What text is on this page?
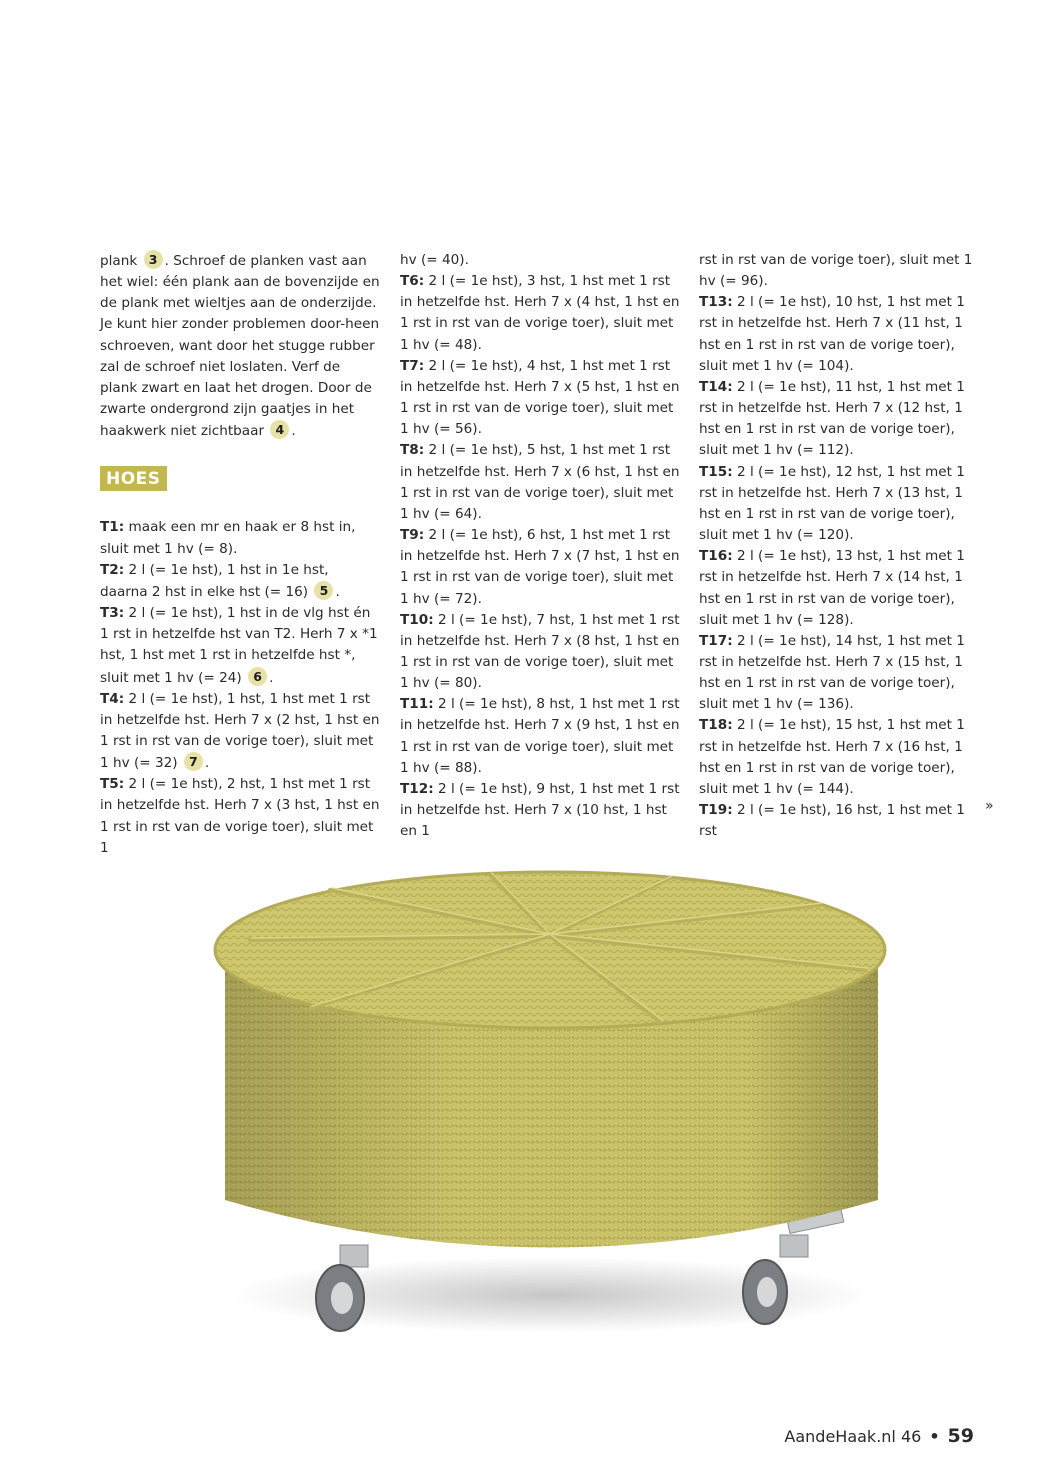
plank 3 . Schroef de planken vast aan het wiel: één plank aan de bovenzijde en de plank met wieltjes aan de onderzijde. Je kunt hier zonder problemen door-heen schroeven, want door het stugge rubber zal de schroef niet loslaten. Verf de plank zwart en laat het drogen. Door de zwarte ondergrond zijn gaatjes in het haakwerk niet zichtbaar 4 .

HOES

T1: maak een mr en haak er 8 hst in, sluit met 1 hv (= 8).

T2: 2 l (= 1e hst), 1 hst in 1e hst, daarna 2 hst in elke hst (= 16) 5 .

T3: 2 l (= 1e hst), 1 hst in de vlg hst én 1 rst in hetzelfde hst van T2. Herh 7 x *1 hst, 1 hst met 1 rst in hetzelfde hst *, sluit met 1 hv (= 24) 6 .

T4: 2 l (= 1e hst), 1 hst, 1 hst met 1 rst in hetzelfde hst. Herh 7 x (2 hst, 1 hst en 1 rst in rst van de vorige toer), sluit met 1 hv (= 32) 7 .

T5: 2 l (= 1e hst), 2 hst, 1 hst met 1 rst in hetzelfde hst. Herh 7 x (3 hst, 1 hst en 1 rst in rst van de vorige toer), sluit met 1

hv (= 40).

T6: 2 l (= 1e hst), 3 hst, 1 hst met 1 rst in hetzelfde hst. Herh 7 x (4 hst, 1 hst en 1 rst in rst van de vorige toer), sluit met 1 hv (= 48).

T7: 2 l (= 1e hst), 4 hst, 1 hst met 1 rst in hetzelfde hst. Herh 7 x (5 hst, 1 hst en 1 rst in rst van de vorige toer), sluit met 1 hv (= 56).

T8: 2 l (= 1e hst), 5 hst, 1 hst met 1 rst in hetzelfde hst. Herh 7 x (6 hst, 1 hst en 1 rst in rst van de vorige toer), sluit met 1 hv (= 64).

T9: 2 l (= 1e hst), 6 hst, 1 hst met 1 rst in hetzelfde hst. Herh 7 x (7 hst, 1 hst en 1 rst in rst van de vorige toer), sluit met 1 hv (= 72).

T10: 2 l (= 1e hst), 7 hst, 1 hst met 1 rst in hetzelfde hst. Herh 7 x (8 hst, 1 hst en 1 rst in rst van de vorige toer), sluit met 1 hv (= 80).

T11: 2 l (= 1e hst), 8 hst, 1 hst met 1 rst in hetzelfde hst. Herh 7 x (9 hst, 1 hst en 1 rst in rst van de vorige toer), sluit met 1 hv (= 88).

T12: 2 l (= 1e hst), 9 hst, 1 hst met 1 rst in hetzelfde hst. Herh 7 x (10 hst, 1 hst en 1

rst in rst van de vorige toer), sluit met 1 hv (= 96).

T13: 2 l (= 1e hst), 10 hst, 1 hst met 1 rst in hetzelfde hst. Herh 7 x (11 hst, 1 hst en 1 rst in rst van de vorige toer), sluit met 1 hv (= 104).

T14: 2 l (= 1e hst), 11 hst, 1 hst met 1 rst in hetzelfde hst. Herh 7 x (12 hst, 1 hst en 1 rst in rst van de vorige toer), sluit met 1 hv (= 112).

T15: 2 l (= 1e hst), 12 hst, 1 hst met 1 rst in hetzelfde hst. Herh 7 x (13 hst, 1 hst en 1 rst in rst van de vorige toer), sluit met 1 hv (= 120).

T16: 2 l (= 1e hst), 13 hst, 1 hst met 1 rst in hetzelfde hst. Herh 7 x (14 hst, 1 hst en 1 rst in rst van de vorige toer), sluit met 1 hv (= 128).

T17: 2 l (= 1e hst), 14 hst, 1 hst met 1 rst in hetzelfde hst. Herh 7 x (15 hst, 1 hst en 1 rst in rst van de vorige toer), sluit met 1 hv (= 136).

T18: 2 l (= 1e hst), 15 hst, 1 hst met 1 rst in hetzelfde hst. Herh 7 x (16 hst, 1 hst en 1 rst in rst van de vorige toer), sluit met 1 hv (= 144).

T19: 2 l (= 1e hst), 16 hst, 1 hst met 1 rst

»
AandeHaak.nl 46 • 59
